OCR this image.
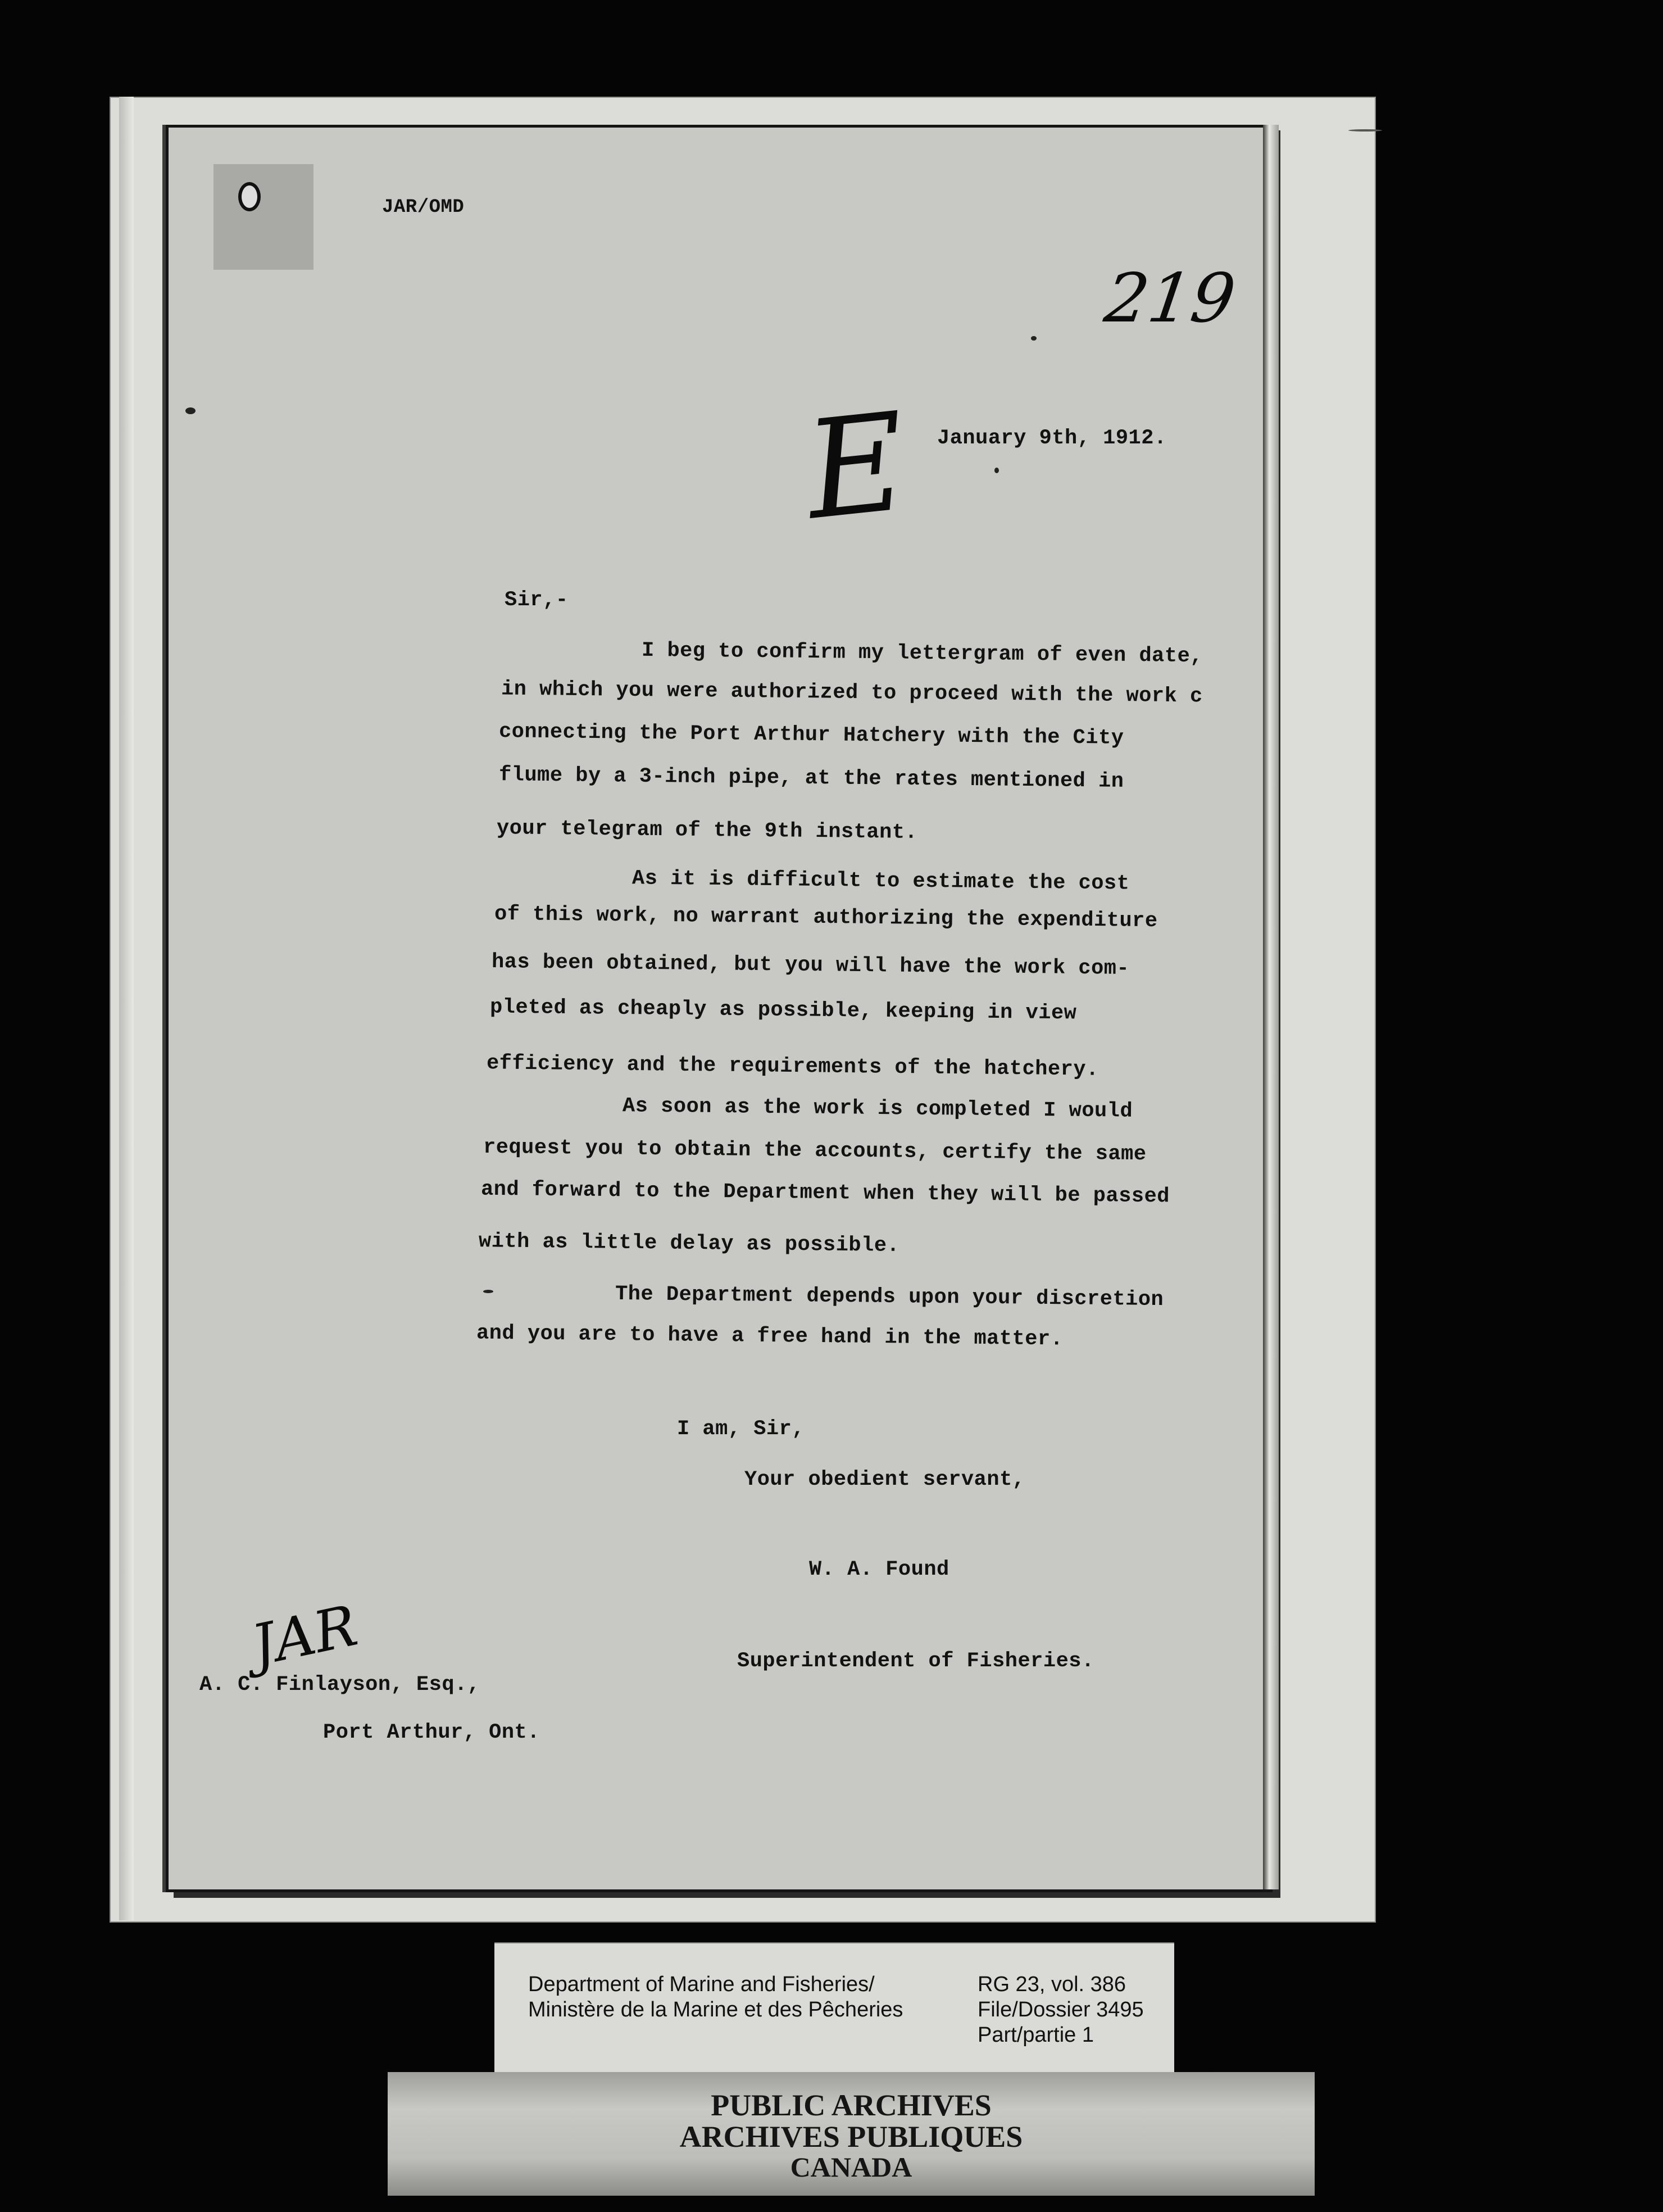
JAR/OMD
219
E January 9th, 1912.
Sir,-
I beg to confirm my lettergram of even date,
in which you were authorized to proceed with the work c
connecting the Port Arthur Hatchery with the City
flume by a 3-inch pipe, at the rates mentioned in
your telegram of the 9th instant.
As it is difficult to estimate the cost
of this work, no warrant authorizing the expenditure
has been obtained, but you will have the work com-
pleted as cheaply as possible, keeping in view
efficiency and the requirements of the hatchery.
As soon as the work is completed I would
request you to obtain the accounts, certify the same
and forward to the Department when they will be passed
with as little delay as possible.
The Department depends upon your discretion
and you are to have a free hand in the matter.
I am, Sir,
Your obedient servant,
W. A. Found
Superintendent of Fisheries.
JAR
A. C. Finlayson, Esq.,
Port Arthur, Ont.
Department of Marine and Fisheries/
Ministère de la Marine et des Pêcheries
RG 23, vol. 386
File/Dossier 3495
Part/partie 1
PUBLIC ARCHIVES
ARCHIVES PUBLIQUES
CANADA
